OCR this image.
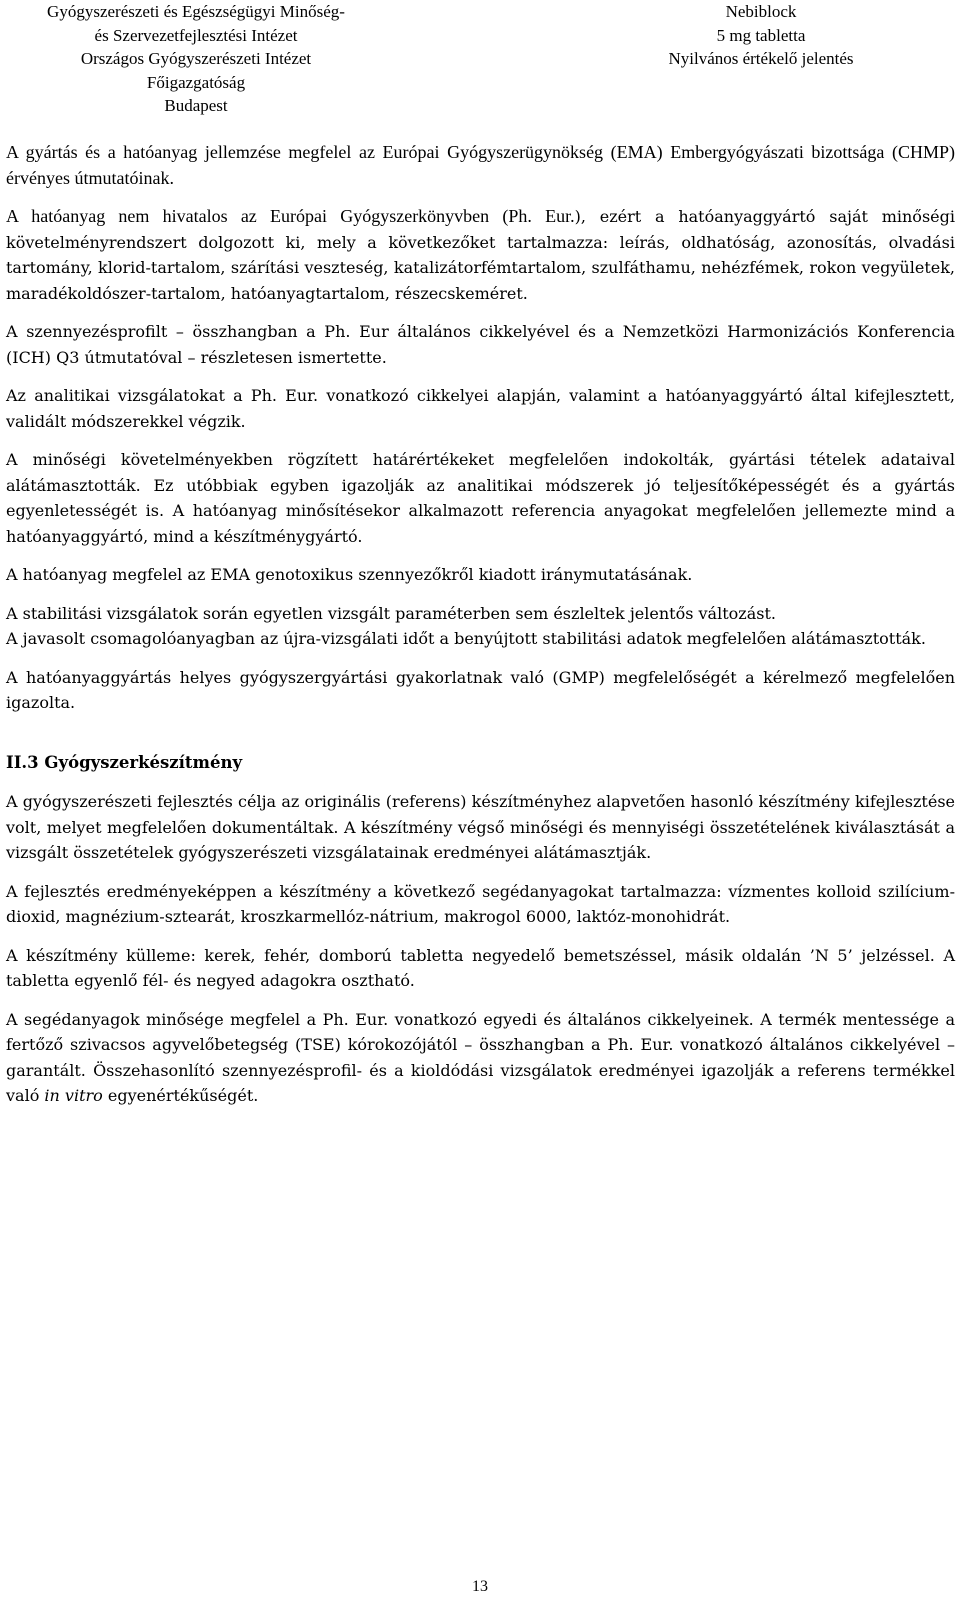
Gyógyszerészeti és Egészségügyi Minőség-
és Szervezetfejlesztési Intézet
Országos Gyógyszerészeti Intézet
Főigazgatóság
Budapest
Nebiblock
5 mg tabletta
Nyilvános értékelő jelentés

A gyártás és a hatóanyag jellemzése megfelel az Európai Gyógyszerügynökség (EMA) Embergyógyászati bizottsága (CHMP) érvényes útmutatóinak.

A hatóanyag nem hivatalos az Európai Gyógyszerkönyvben (Ph. Eur.), ezért a hatóanyaggyártó saját minőségi követelményrendszert dolgozott ki, mely a következőket tartalmazza: leírás, oldhatóság, azonosítás, olvadási tartomány, klorid-tartalom, szárítási veszteség, katalizátorfémtartalom, szulfáthamu, nehézfémek, rokon vegyületek, maradékoldószer-tartalom, hatóanyagtartalom, részecskeméret.

A szennyezésprofilt – összhangban a Ph. Eur általános cikkelyével és a Nemzetközi Harmonizációs Konferencia (ICH) Q3 útmutatóval – részletesen ismertette.

Az analitikai vizsgálatokat a Ph. Eur. vonatkozó cikkelyei alapján, valamint a hatóanyaggyártó által kifejlesztett, validált módszerekkel végzik.

A minőségi követelményekben rögzített határértékeket megfelelően indokolták, gyártási tételek adataival alátámasztották. Ez utóbbiak egyben igazolják az analitikai módszerek jó teljesítőképességét és a gyártás egyenletességét is. A hatóanyag minősítésekor alkalmazott referencia anyagokat megfelelően jellemezte mind a hatóanyaggyártó, mind a készítménygyártó.

A hatóanyag megfelel az EMA genotoxikus szennyezőkről kiadott iránymutatásának.

A stabilitási vizsgálatok során egyetlen vizsgált paraméterben sem észleltek jelentős változást.

A javasolt csomagolóanyagban az újra-vizsgálati időt a benyújtott stabilitási adatok megfelelően alátámasztották.

A hatóanyaggyártás helyes gyógyszergyártási gyakorlatnak való (GMP) megfelelőségét a kérelmező megfelelően igazolta.

II.3 Gyógyszerkészítmény

A gyógyszerészeti fejlesztés célja az originális (referens) készítményhez alapvetően hasonló készítmény kifejlesztése volt, melyet megfelelően dokumentáltak. A készítmény végső minőségi és mennyiségi összetételének kiválasztását a vizsgált összetételek gyógyszerészeti vizsgálatainak eredményei alátámasztják.

A fejlesztés eredményeképpen a készítmény a következő segédanyagokat tartalmazza: vízmentes kolloid szilícium-dioxid, magnézium-sztearát, kroszkarmellóz-nátrium, makrogol 6000, laktóz-monohidrát.

A készítmény külleme: kerek, fehér, domború tabletta negyedelő bemetszéssel, másik oldalán ’N 5’ jelzéssel. A tabletta egyenlő fél- és negyed adagokra osztható.

A segédanyagok minősége megfelel a Ph. Eur. vonatkozó egyedi és általános cikkelyeinek. A termék mentessége a fertőző szivacsos agyvelőbetegség (TSE) kórokozójától – összhangban a Ph. Eur. vonatkozó általános cikkelyével – garantált. Összehasonlító szennyezésprofil- és a kioldódási vizsgálatok eredményei igazolják a referens termékkel való in vitro egyenértékűségét.

13
